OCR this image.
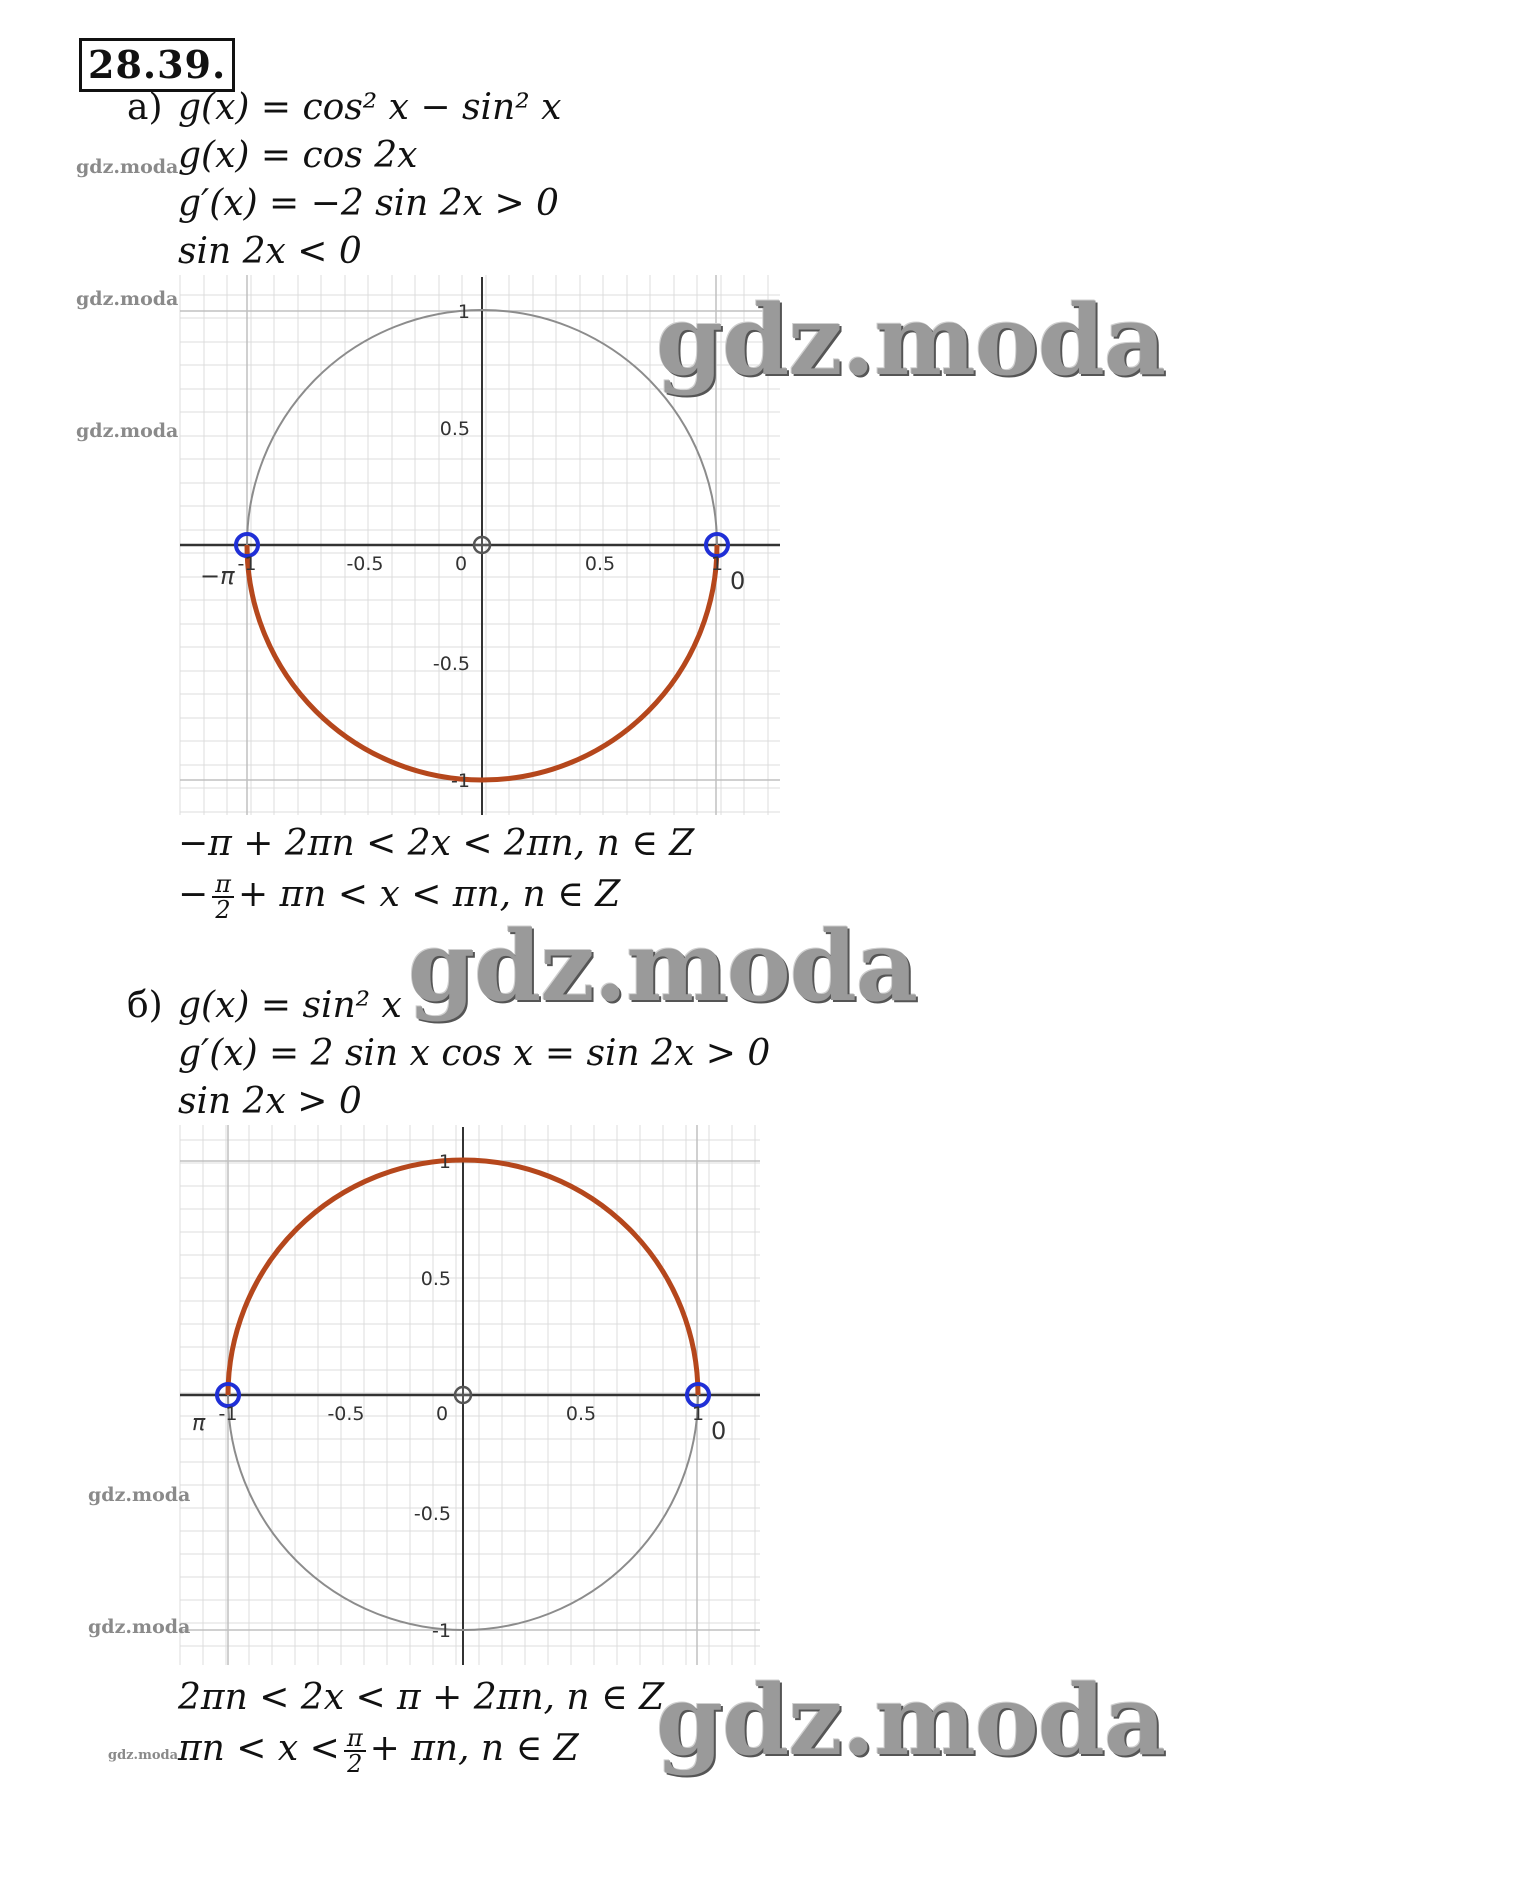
28.39.
а) g(x) = cos² x − sin² x
g(x) = cos 2x
g′(x) = −2 sin 2x > 0
sin 2x < 0
-1	-0.5	0	0.5	1
1
0.5
-0.5
-1
−π	0
−π + 2πn < 2x < 2πn, n ∈ Z
− $\frac{\pi}{2} + \pi n < x < \pi n$, n ∈ Z
б) g(x) = sin² x
g′(x) = 2 sin x cos x = sin 2x > 0
sin 2x > 0
-1	-0.5	0	0.5	1
1
0.5
-0.5
-1
π	0
2πn < 2x < π + 2πn, n ∈ Z
$\pi n < x < \frac{\pi}{2} + \pi n$, n ∈ Z
gdz.moda
gdz.moda
gdz.moda
gdz.moda
gdz.moda
gdz.moda
gdz.moda
gdz.moda
gdz.moda
